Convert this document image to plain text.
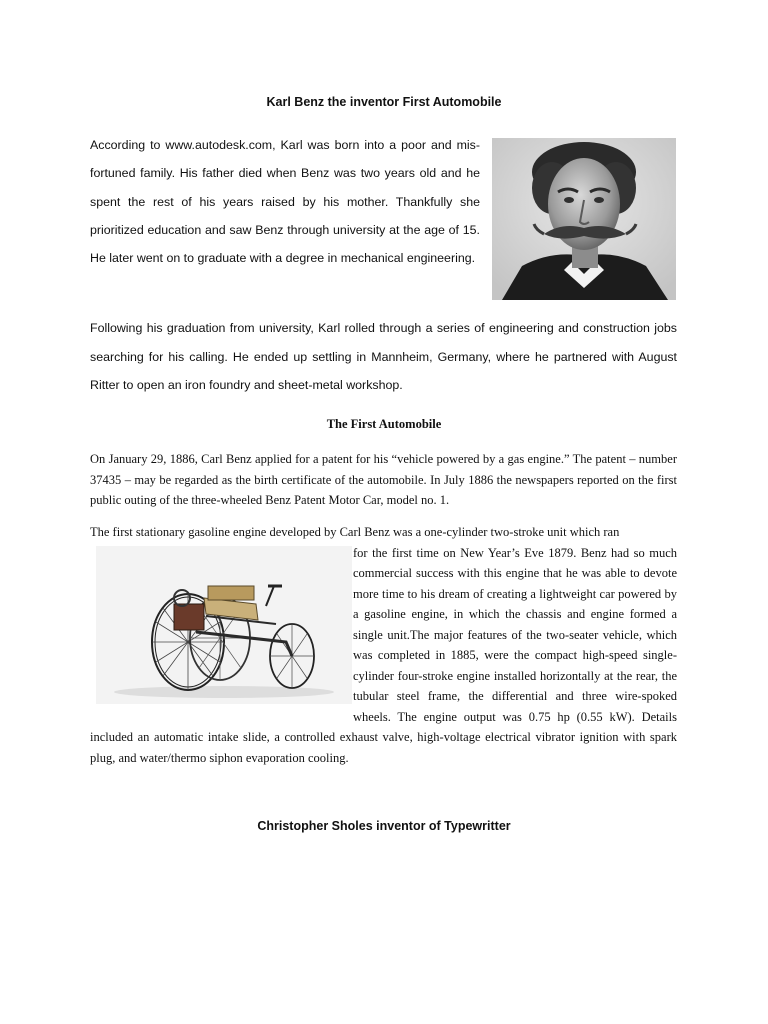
Karl Benz the inventor First Automobile
According to www.autodesk.com, Karl was born into a poor and mis-fortuned family. His father died when Benz was two years old and he spent the rest of his years raised by his mother. Thankfully she prioritized education and saw Benz through university at the age of 15. He later went on to graduate with a degree in mechanical engineering.
Following his graduation from university, Karl rolled through a series of engineering and construction jobs searching for his calling. He ended up settling in Mannheim, Germany, where he partnered with August Ritter to open an iron foundry and sheet-metal workshop.
The First Automobile
On January 29, 1886, Carl Benz applied for a patent for his “vehicle powered by a gas engine.” The patent – number 37435 – may be regarded as the birth certificate of the automobile. In July 1886 the newspapers reported on the first public outing of the three-wheeled Benz Patent Motor Car, model no. 1.
The first stationary gasoline engine developed by Carl Benz was a one-cylinder two-stroke unit which ran

for the first time on New Year’s Eve 1879. Benz had so much commercial success with this engine that he was able to devote more time to his dream of creating a lightweight car powered by a gasoline engine, in which the chassis and engine formed a single unit.The major features of the two-seater vehicle, which was completed in 1885, were the compact high-speed single-cylinder four-stroke engine installed horizontally at the rear, the tubular steel frame, the differential and three wire-spoked wheels. The engine output was 0.75 hp (0.55 kW). Details included an automatic intake slide, a controlled exhaust valve, high-voltage electrical vibrator ignition with spark plug, and water/thermo siphon evaporation cooling.
Christopher Sholes inventor of Typewritter
